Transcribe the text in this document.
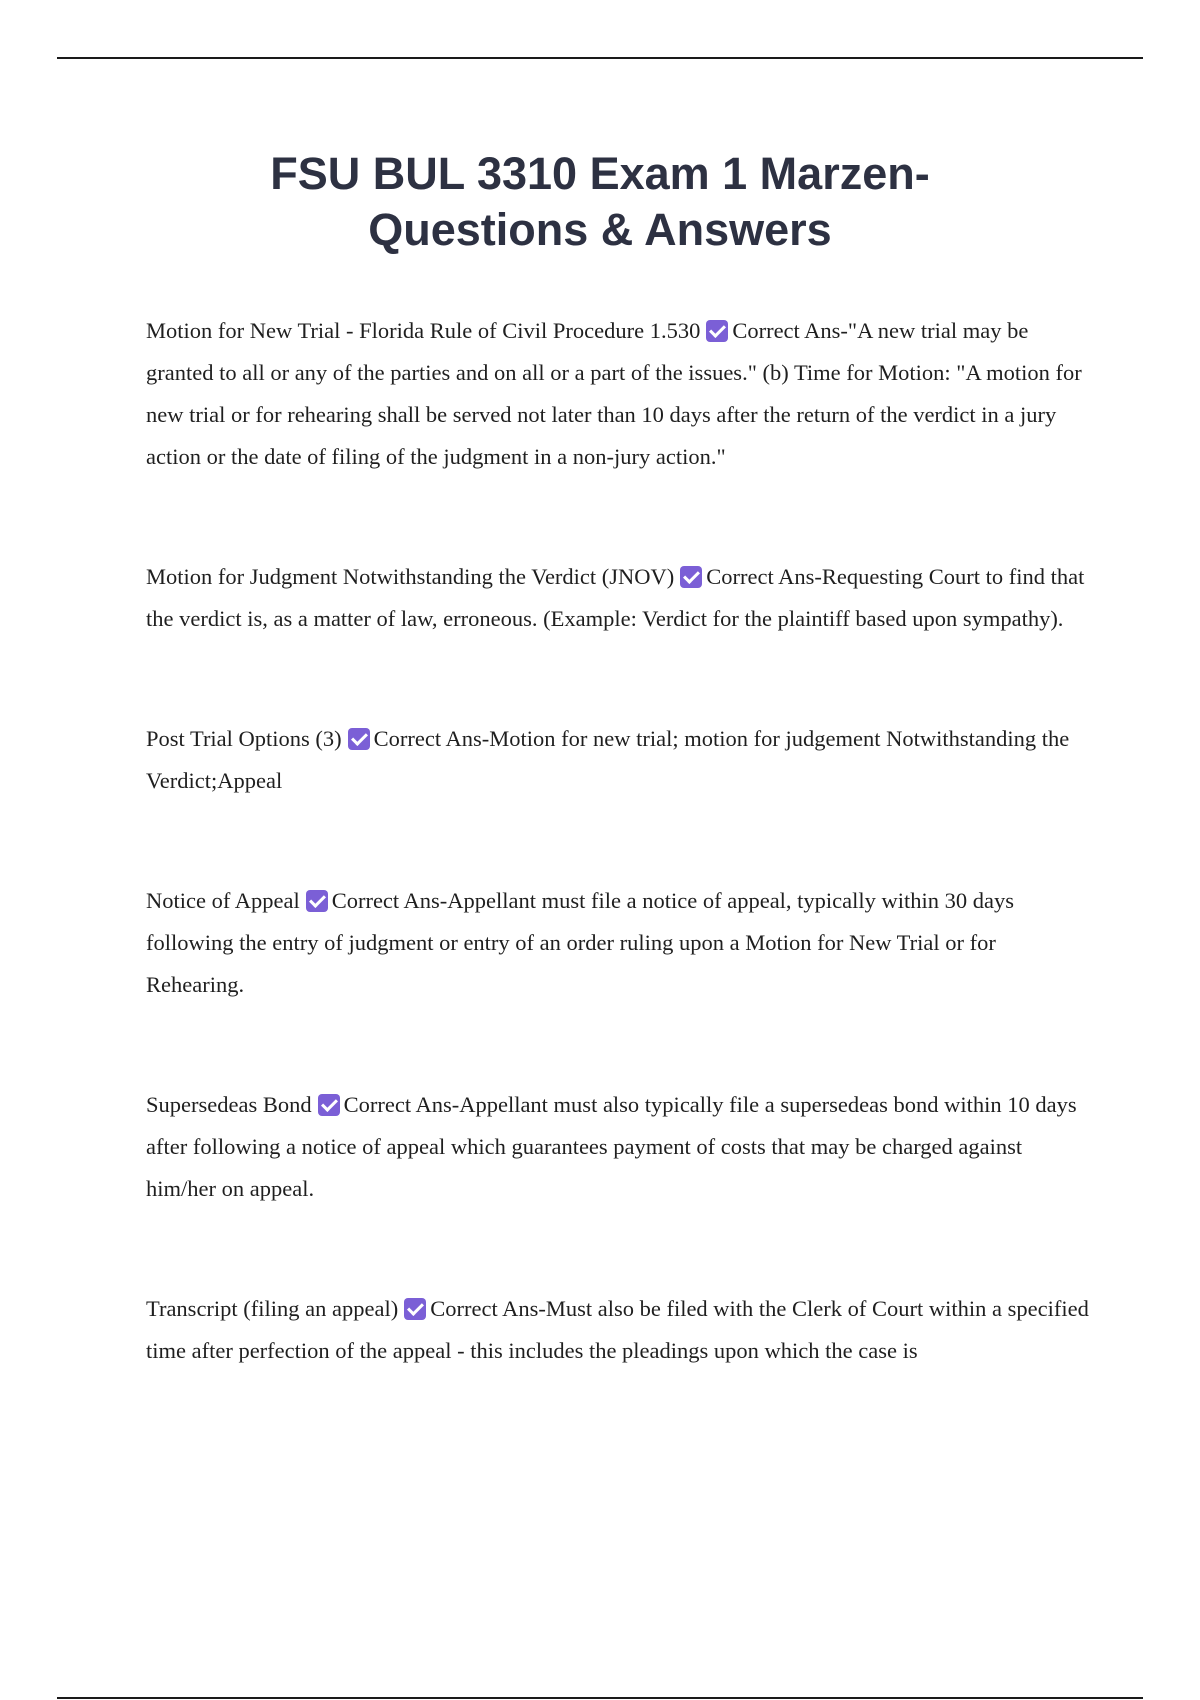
FSU BUL 3310 Exam 1 Marzen-
Questions & Answers

Motion for New Trial - Florida Rule of Civil Procedure 1.530 Correct Ans-"A new trial may be granted to all or any of the parties and on all or a part of the issues." (b) Time for Motion: "A motion for new trial or for rehearing shall be served not later than 10 days after the return of the verdict in a jury action or the date of filing of the judgment in a non-jury action."

Motion for Judgment Notwithstanding the Verdict (JNOV) Correct Ans-Requesting Court to find that the verdict is, as a matter of law, erroneous. (Example: Verdict for the plaintiff based upon sympathy).

Post Trial Options (3) Correct Ans-Motion for new trial; motion for judgement Notwithstanding the Verdict;Appeal

Notice of Appeal Correct Ans-Appellant must file a notice of appeal, typically within 30 days following the entry of judgment or entry of an order ruling upon a Motion for New Trial or for Rehearing.

Supersedeas Bond Correct Ans-Appellant must also typically file a supersedeas bond within 10 days after following a notice of appeal which guarantees payment of costs that may be charged against him/her on appeal.

Transcript (filing an appeal) Correct Ans-Must also be filed with the Clerk of Court within a specified time after perfection of the appeal - this includes the pleadings upon which the case is
